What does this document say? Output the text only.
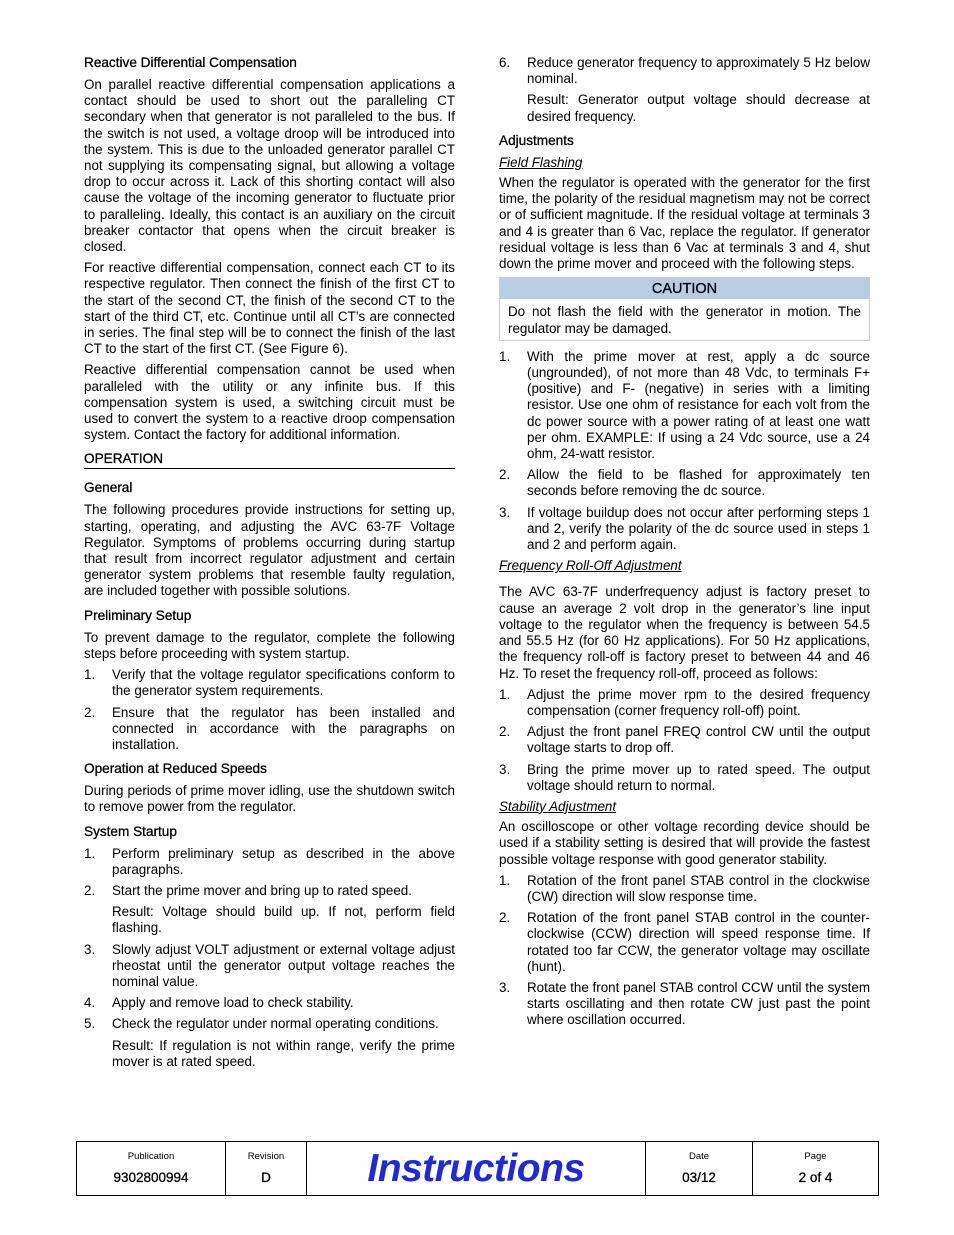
Reactive Differential Compensation

On parallel reactive differential compensation applications a contact should be used to short out the paralleling CT secondary when that generator is not paralleled to the bus. If the switch is not used, a voltage droop will be introduced into the system. This is due to the unloaded generator parallel CT not supplying its compensating signal, but allowing a voltage drop to occur across it. Lack of this shorting contact will also cause the voltage of the incoming generator to fluctuate prior to paralleling. Ideally, this contact is an auxiliary on the circuit breaker contactor that opens when the circuit breaker is closed.

For reactive differential compensation, connect each CT to its respective regulator. Then connect the finish of the first CT to the start of the second CT, the finish of the second CT to the start of the third CT, etc. Continue until all CT’s are connected in series. The final step will be to connect the finish of the last CT to the start of the first CT. (See Figure 6).

Reactive differential compensation cannot be used when paralleled with the utility or any infinite bus. If this compensation system is used, a switching circuit must be used to convert the system to a reactive droop compensation system. Contact the factory for additional information.

OPERATION
General

The following procedures provide instructions for setting up, starting, operating, and adjusting the AVC 63-7F Voltage Regulator. Symptoms of problems occurring during startup that result from incorrect regulator adjustment and certain generator system problems that resemble faulty regulation, are included together with possible solutions.

Preliminary Setup

To prevent damage to the regulator, complete the following steps before proceeding with system startup.

1.	Verify that the voltage regulator specifications conform to the generator system requirements.
2.	Ensure that the regulator has been installed and connected in accordance with the paragraphs on installation.
Operation at Reduced Speeds

During periods of prime mover idling, use the shutdown switch to remove power from the regulator.

System Startup
1.	Perform preliminary setup as described in the above paragraphs.
2.	Start the prime mover and bring up to rated speed.
Result: Voltage should build up. If not, perform field flashing.
3.	Slowly adjust VOLT adjustment or external voltage adjust rheostat until the generator output voltage reaches the nominal value.
4.	Apply and remove load to check stability.
5.	Check the regulator under normal operating conditions.
Result: If regulation is not within range, verify the prime mover is at rated speed.
6.	Reduce generator frequency to approximately 5 Hz below nominal.
Result: Generator output voltage should decrease at desired frequency.
Adjustments
Field Flashing

When the regulator is operated with the generator for the first time, the polarity of the residual magnetism may not be correct or of sufficient magnitude. If the residual voltage at terminals 3 and 4 is greater than 6 Vac, replace the regulator. If generator residual voltage is less than 6 Vac at terminals 3 and 4, shut down the prime mover and proceed with the following steps.

CAUTION
Do not flash the field with the generator in motion. The regulator may be damaged.
1.	With the prime mover at rest, apply a dc source (ungrounded), of not more than 48 Vdc, to terminals F+ (positive) and F- (negative) in series with a limiting resistor. Use one ohm of resistance for each volt from the dc power source with a power rating of at least one watt per ohm. EXAMPLE: If using a 24 Vdc source, use a 24 ohm, 24-watt resistor.
2.	Allow the field to be flashed for approximately ten seconds before removing the dc source.
3.	If voltage buildup does not occur after performing steps 1 and 2, verify the polarity of the dc source used in steps 1 and 2 and perform again.
Frequency Roll-Off Adjustment

The AVC 63-7F underfrequency adjust is factory preset to cause an average 2 volt drop in the generator’s line input voltage to the regulator when the frequency is between 54.5 and 55.5 Hz (for 60 Hz applications). For 50 Hz applications, the frequency roll-off is factory preset to between 44 and 46 Hz. To reset the frequency roll-off, proceed as follows:

1.	Adjust the prime mover rpm to the desired frequency compensation (corner frequency roll-off) point.
2.	Adjust the front panel FREQ control CW until the output voltage starts to drop off.
3.	Bring the prime mover up to rated speed. The output voltage should return to normal.
Stability Adjustment

An oscilloscope or other voltage recording device should be used if a stability setting is desired that will provide the fastest possible voltage response with good generator stability.

1.	Rotation of the front panel STAB control in the clockwise (CW) direction will slow response time.
2.	Rotation of the front panel STAB control in the counter-clockwise (CCW) direction will speed response time. If rotated too far CCW, the generator voltage may oscillate (hunt).
3.	Rotate the front panel STAB control CCW until the system starts oscillating and then rotate CW just past the point where oscillation occurred.
Publication
9302800994
Revision
D	Instructions	Date
03/12
Page
2 of 4
